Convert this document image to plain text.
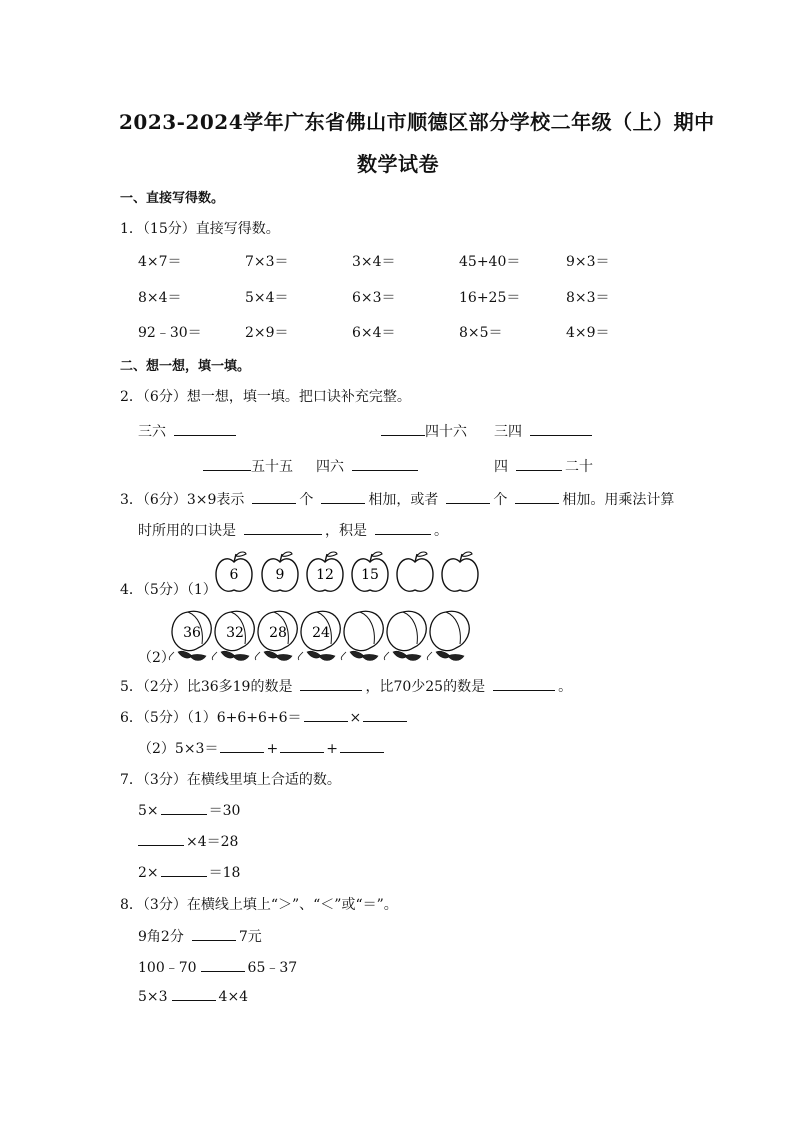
2023-2024学年广东省佛山市顺德区部分学校二年级（上）期中
数学试卷
一、直接写得数。
1．（15分）直接写得数。
4×7＝	7×3＝	3×4＝	45+40＝	9×3＝
8×4＝	5×4＝	6×3＝	16+25＝	8×3＝
92﹣30＝	2×9＝	6×4＝	8×5＝	4×9＝
二、想一想，填一填。
2．（6分）想一想，填一填。把口诀补充完整。
三六	四十六 三四
五十五 四六	四	二十
3．（6分）3×9表示	个	相加，或者	个	相加。用乘法计算
时所用的口诀是	，积是	。
4．（5分）（1）
6	9 12 15
（2）
36 32 28 24
5．（2分）比36多19的数是	，比70少25的数是	。
6．（5分）（1）6+6+6+6＝	×
（2）5×3＝	+	+
7．（3分）在横线里填上合适的数。
5×	＝30
×4＝28
2×	＝18
8．（3分）在横线上填上“＞”、“＜”或“＝”。
9角2分	7元
100﹣70	65﹣37
5×3	4×4
